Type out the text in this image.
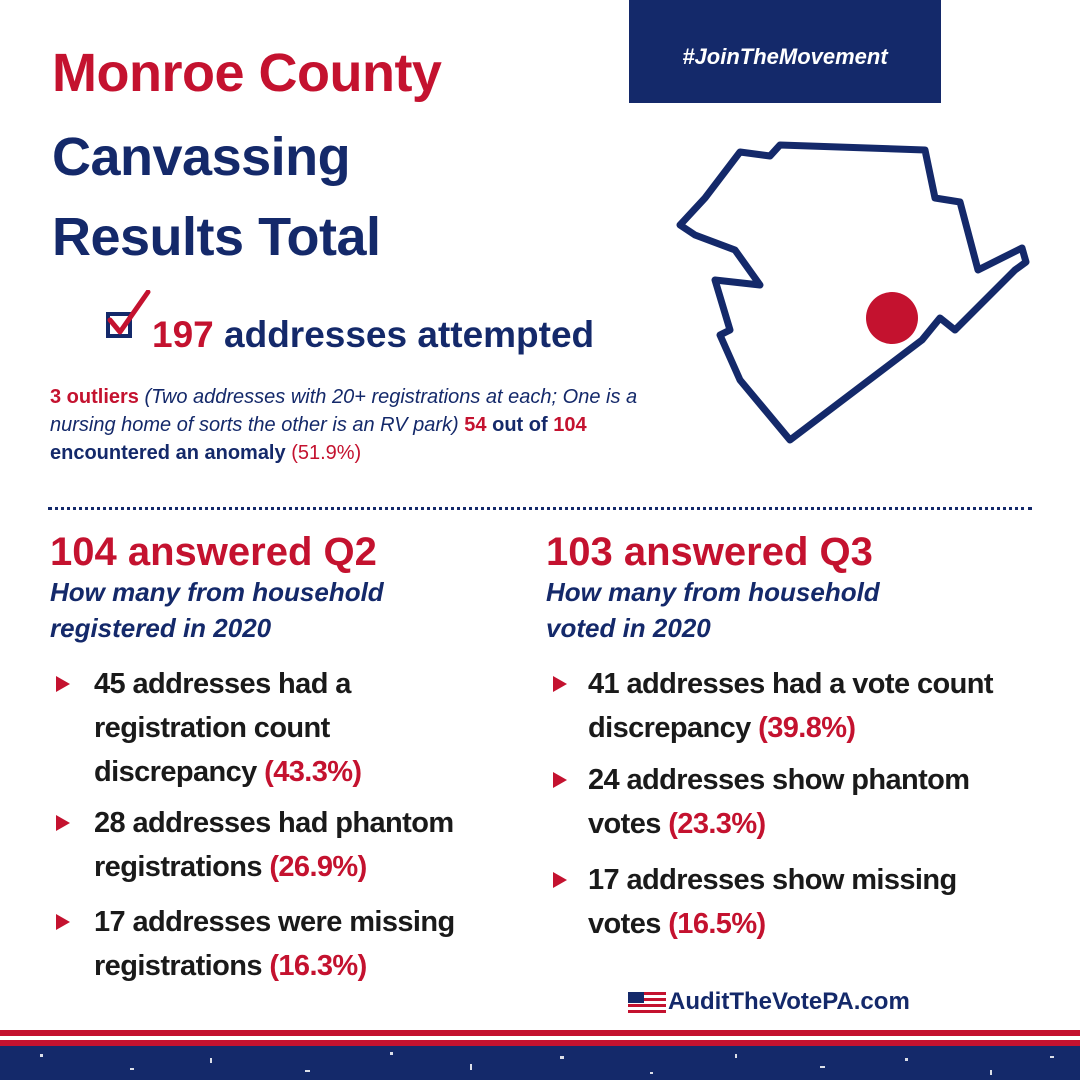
Monroe County
Canvassing
Results Total
#JoinTheMovement
197 addresses attempted
3 outliers (Two addresses with 20+ registrations at each; One is a nursing home of sorts the other is an RV park) 54 out of 104 encountered an anomaly (51.9%)
104 answered Q2
How many from household
registered in 2020
45 addresses had a
registration count
discrepancy (43.3%)
28 addresses had phantom
registrations (26.9%)
17 addresses were missing
registrations (16.3%)
103 answered Q3
How many from household
voted in 2020
41 addresses had a vote count
discrepancy (39.8%)
24 addresses show phantom
votes (23.3%)
17 addresses show missing
votes (16.5%)
AuditTheVotePA.com
